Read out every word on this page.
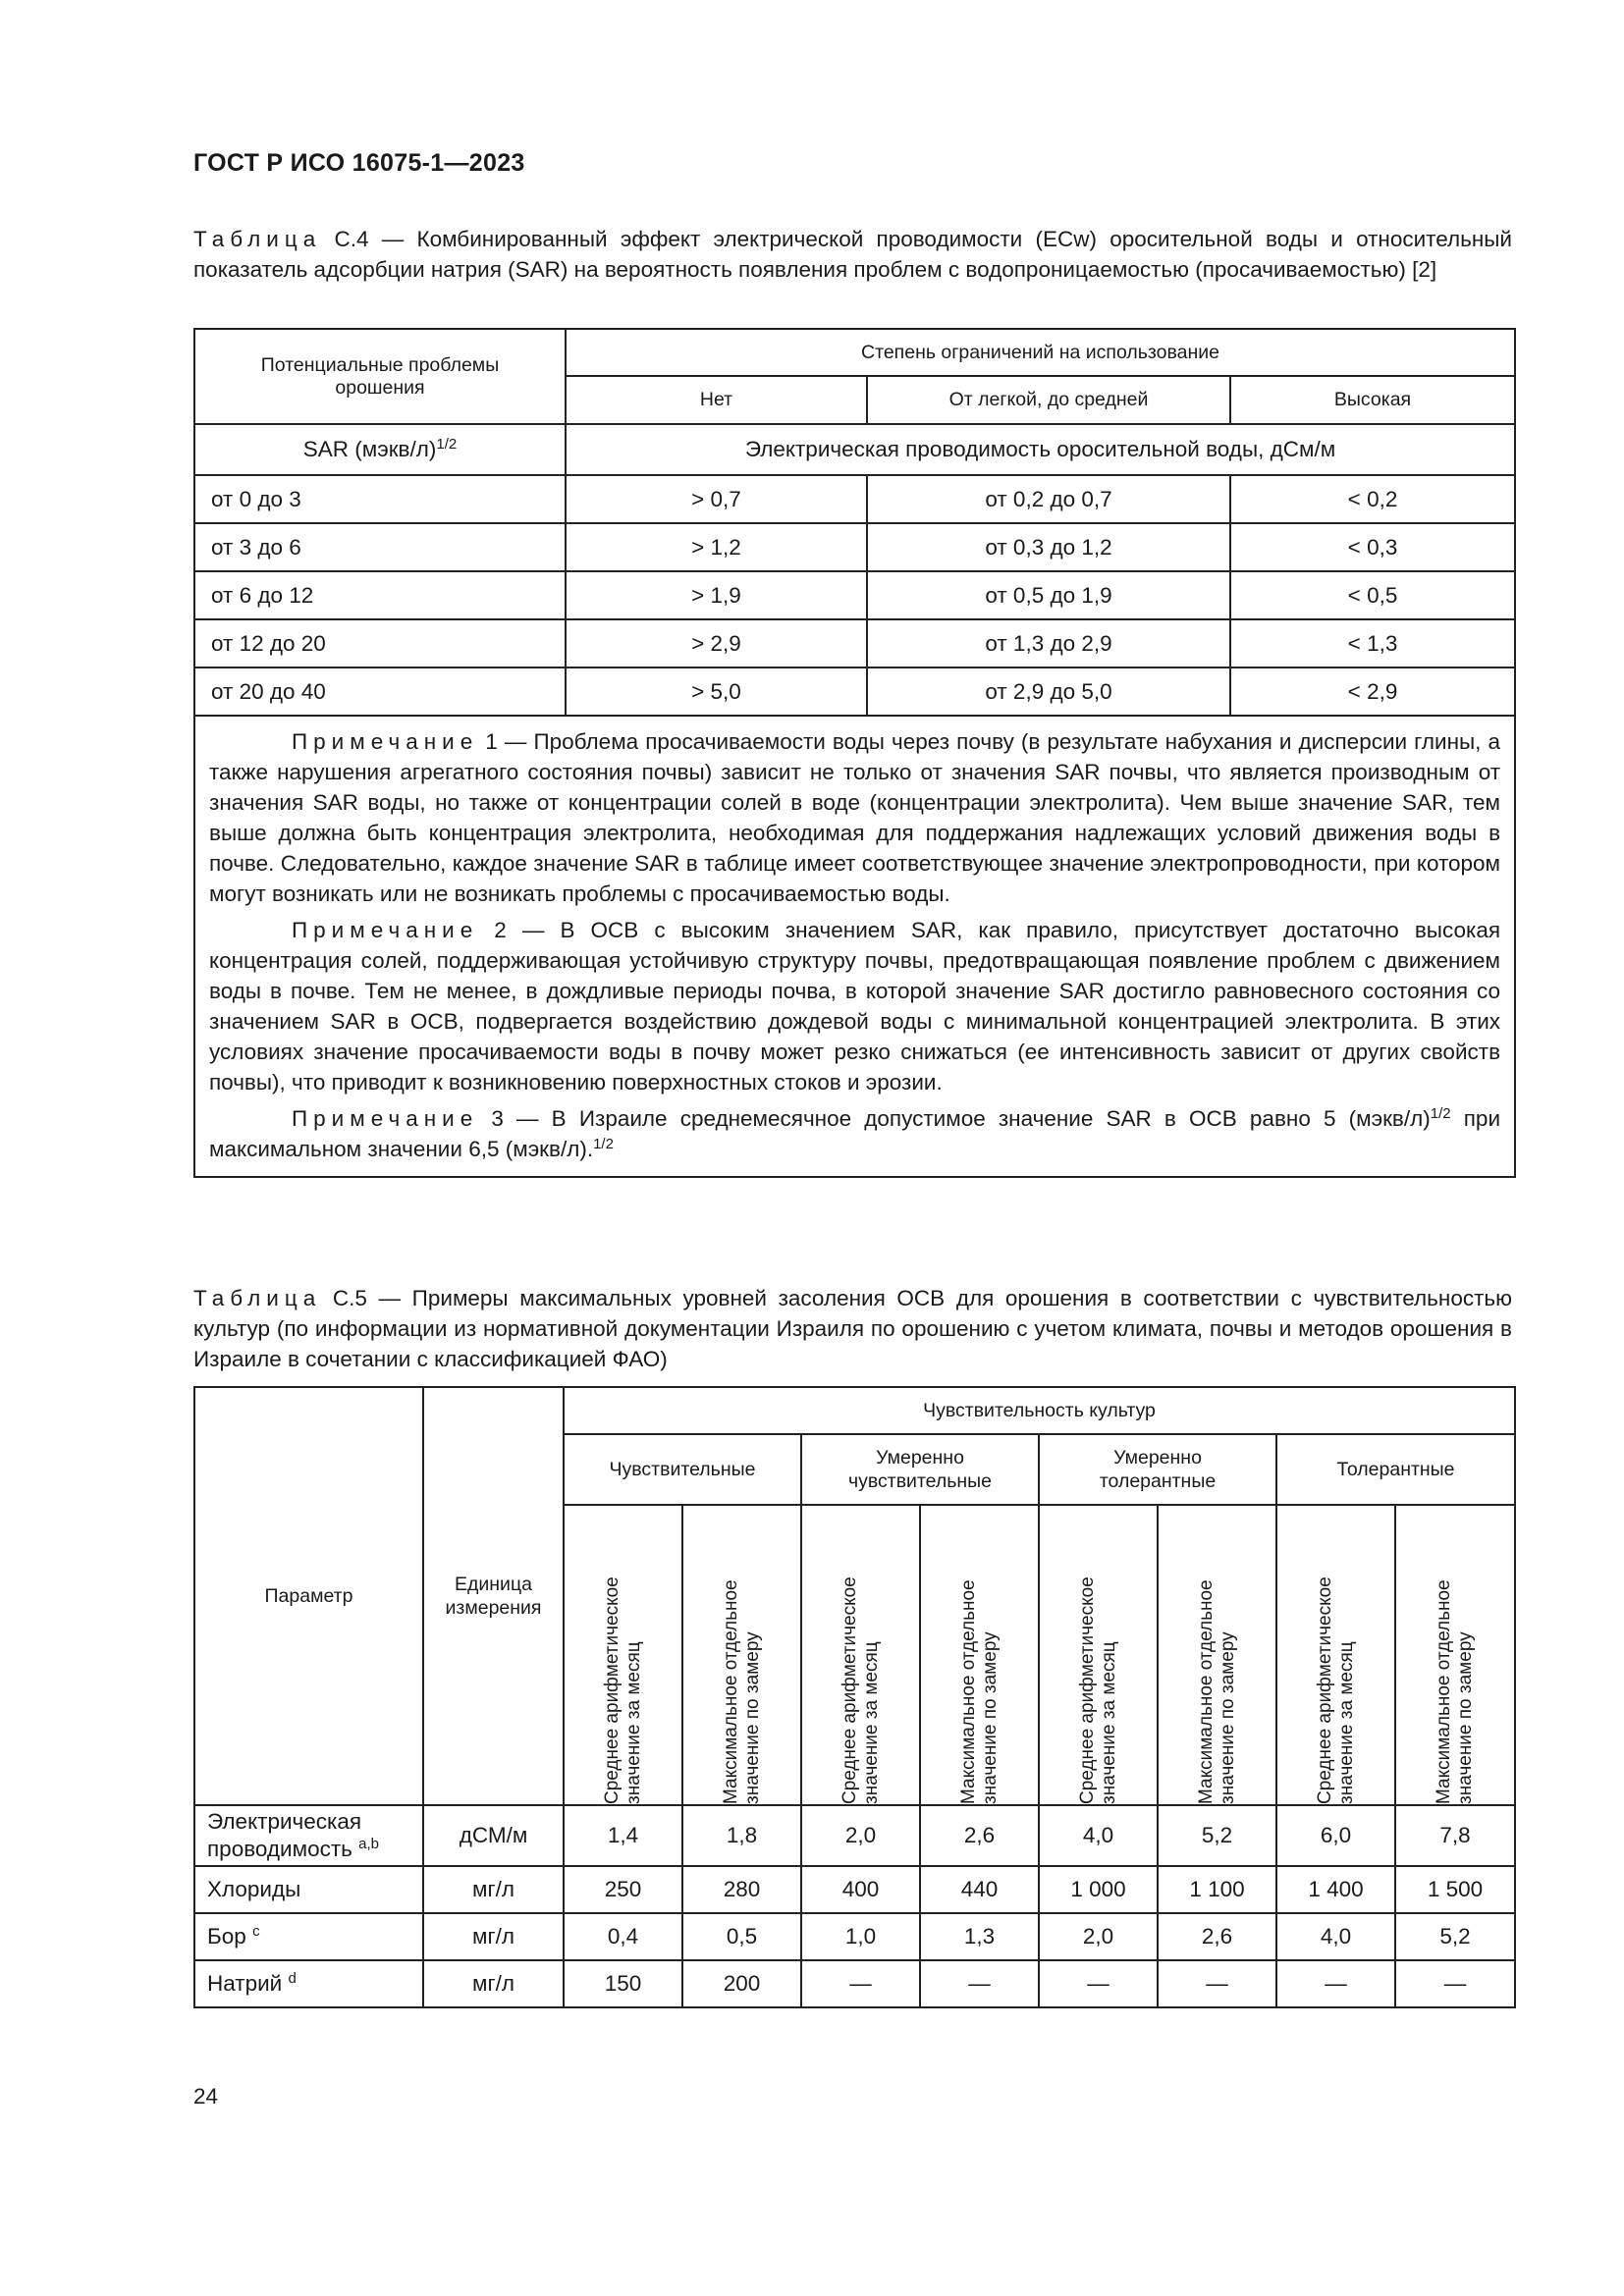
ГОСТ Р ИСО 16075-1—2023
Таблица С.4 — Комбинированный эффект электрической проводимости (ECw) оросительной воды и относительный показатель адсорбции натрия (SAR) на вероятность появления проблем с водопроницаемостью (просачиваемостью) [2]
Потенциальные проблемы орошения	Степень ограничений на использование		
	Нет	От легкой, до средней	Высокая
SAR (мэкв/л)$^{1/2}$	Электрическая проводимость оросительной воды, дСм/м		
от 0 до 3	> 0,7	от 0,2 до 0,7	< 0,2
от 3 до 6	> 1,2	от 0,3 до 1,2	< 0,3
от 6 до 12	> 1,9	от 0,5 до 1,9	< 0,5
от 12 до 20	> 2,9	от 1,3 до 2,9	< 1,3
от 20 до 40	> 5,0	от 2,9 до 5,0	< 2,9

Примечание 1 — Проблема просачиваемости воды через почву (в результате набухания и дисперсии глины, а также нарушения агрегатного состояния почвы) зависит не только от значения SAR почвы, что является производным от значения SAR воды, но также от концентрации солей в воде (концентрации электролита). Чем выше значение SAR, тем выше должна быть концентрация электролита, необходимая для поддержания надлежащих условий движения воды в почве. Следовательно, каждое значение SAR в таблице имеет соответствующее значение электропроводности, при котором могут возникать или не возникать проблемы с просачиваемостью воды.

Примечание 2 — В ОСВ с высоким значением SAR, как правило, присутствует достаточно высокая концентрация солей, поддерживающая устойчивую структуру почвы, предотвращающая появление проблем с движением воды в почве. Тем не менее, в дождливые периоды почва, в которой значение SAR достигло равновесного состояния со значением SAR в ОСВ, подвергается воздействию дождевой воды с минимальной концентрацией электролита. В этих условиях значение просачиваемости воды в почву может резко снижаться (ее интенсивность зависит от других свойств почвы), что приводит к возникновению поверхностных стоков и эрозии.

Примечание 3 — В Израиле среднемесячное допустимое значение SAR в ОСВ равно 5 (мэкв/л)$^{1/2}$ при максимальном значении 6,5 (мэкв/л).$^{1/2}$

Таблица С.5 — Примеры максимальных уровней засоления ОСВ для орошения в соответствии с чувствительностью культур (по информации из нормативной документации Израиля по орошению с учетом климата, почвы и методов орошения в Израиле в сочетании с классификацией ФАО)
Параметр	Единица измерения	Чувствительность культур							
		Чувствительные		Умеренно чувствительные		Умеренно толерантные		Толерантные	

		Среднее арифметическое значение за месяц	Максимальное отдельное значение по замеру	Среднее арифметическое значение за месяц	Максимальное отдельное значение по замеру	Среднее арифметическое значение за месяц	Максимальное отдельное значение по замеру	Среднее арифметическое значение за месяц	Максимальное отдельное значение по замеру

Электрическая проводимость $^{a,b}$	дСМ/м	1,4	1,8	2,0	2,6	4,0	5,2	6,0	7,8
Хлориды	мг/л	250	280	400	440	1 000	1 100	1 400	1 500
Бор $^c$	мг/л	0,4	0,5	1,0	1,3	2,0	2,6	4,0	5,2
Натрий $^d$	мг/л	150	200	—	—	—	—	—	—
24
